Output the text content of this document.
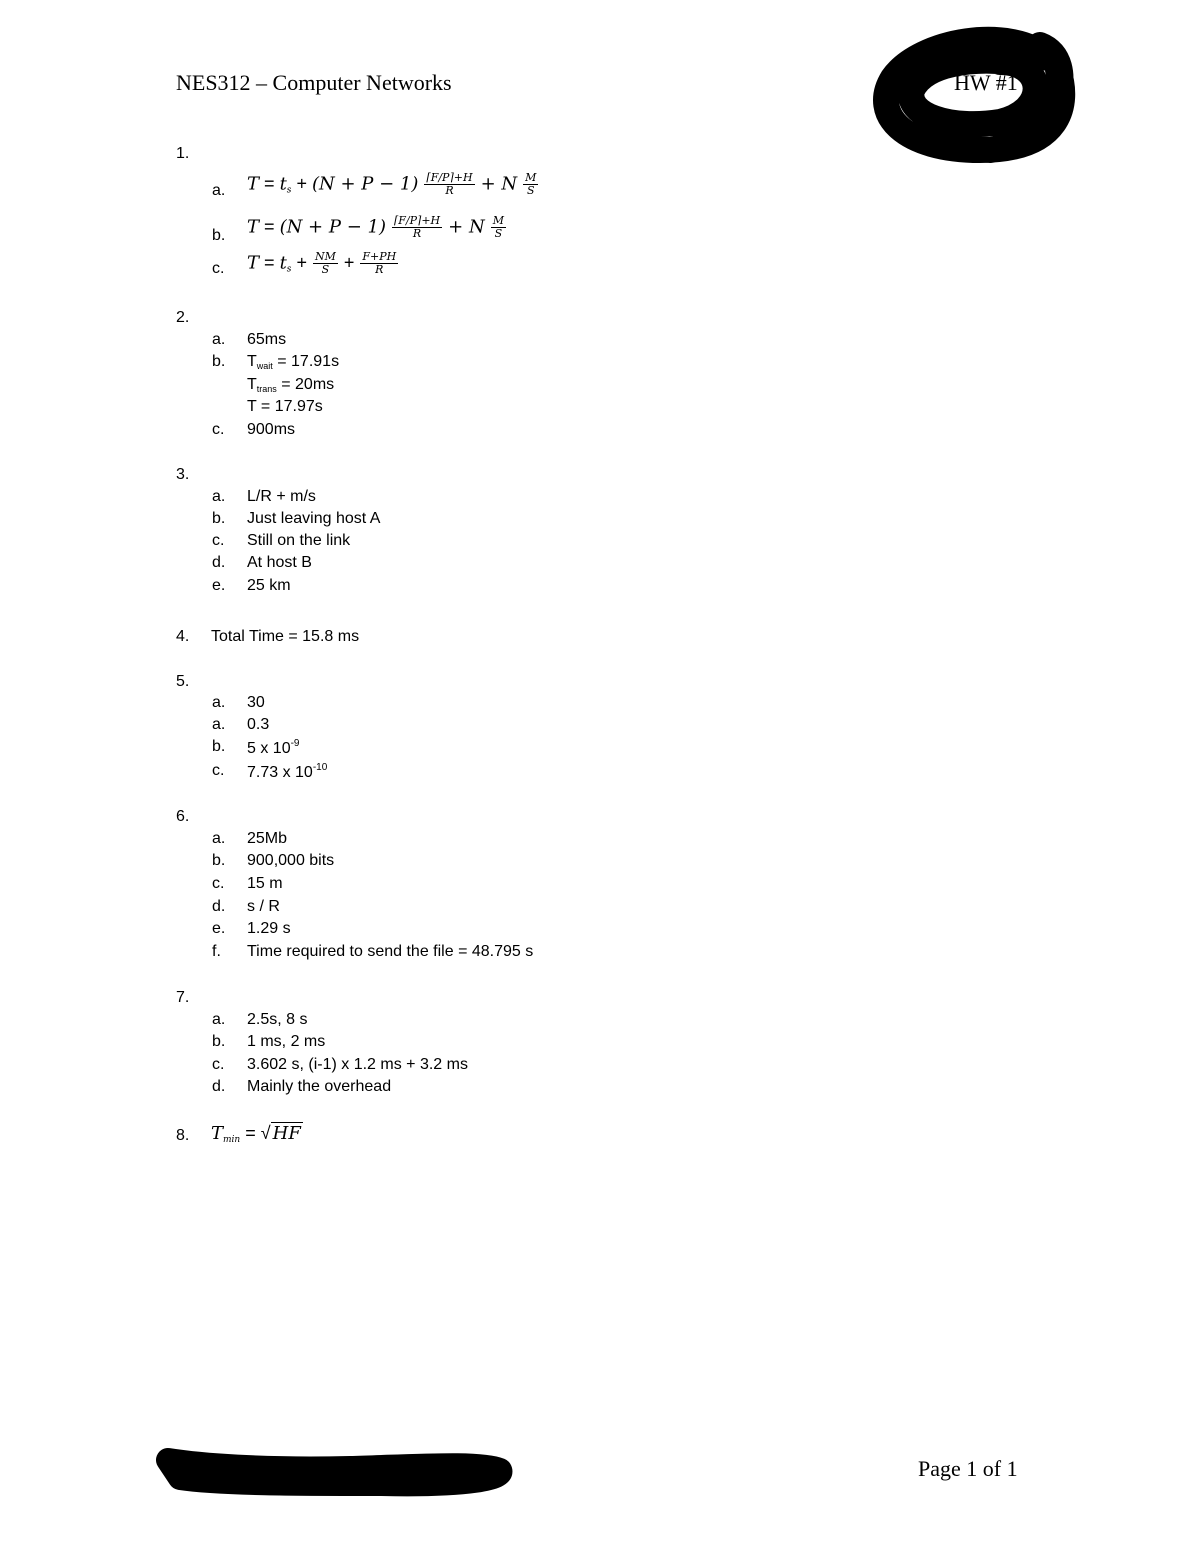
NES312 – Computer Networks	HW #1
1.
a. $T = t_s + (N + P - 1) \frac{⌈F/P⌉+H}{R} + N \frac{M}{S}$
b. $T = (N + P - 1) \frac{⌈F/P⌉+H}{R} + N \frac{M}{S}$
c. $T = t_s + \frac{NM}{S} + \frac{F+PH}{R}$
2.
a. 65ms
b. $T_{wait} = 17.91s$
$T_{trans} = 20ms$
T = 17.97s
c. 900ms
3.
a. L/R + m/s
b. Just leaving host A
c. Still on the link
d. At host B
e. 25 km
4. Total Time = 15.8 ms
5.
a. 30
a. 0.3
b. 5 x $10^{-9}$
c. 7.73 x $10^{-10}$
6.
a. 25Mb
b. 900,000 bits
c. 15 m
d. s / R
e. 1.29 s
f. Time required to send the file = 48.795 s
7.
a. 2.5s, 8 s
b. 1 ms, 2 ms
c. 3.602 s, (i-1) x 1.2 ms + 3.2 ms
d. Mainly the overhead
8. $T_{min}$ = √ HF
Page 1 of 1
